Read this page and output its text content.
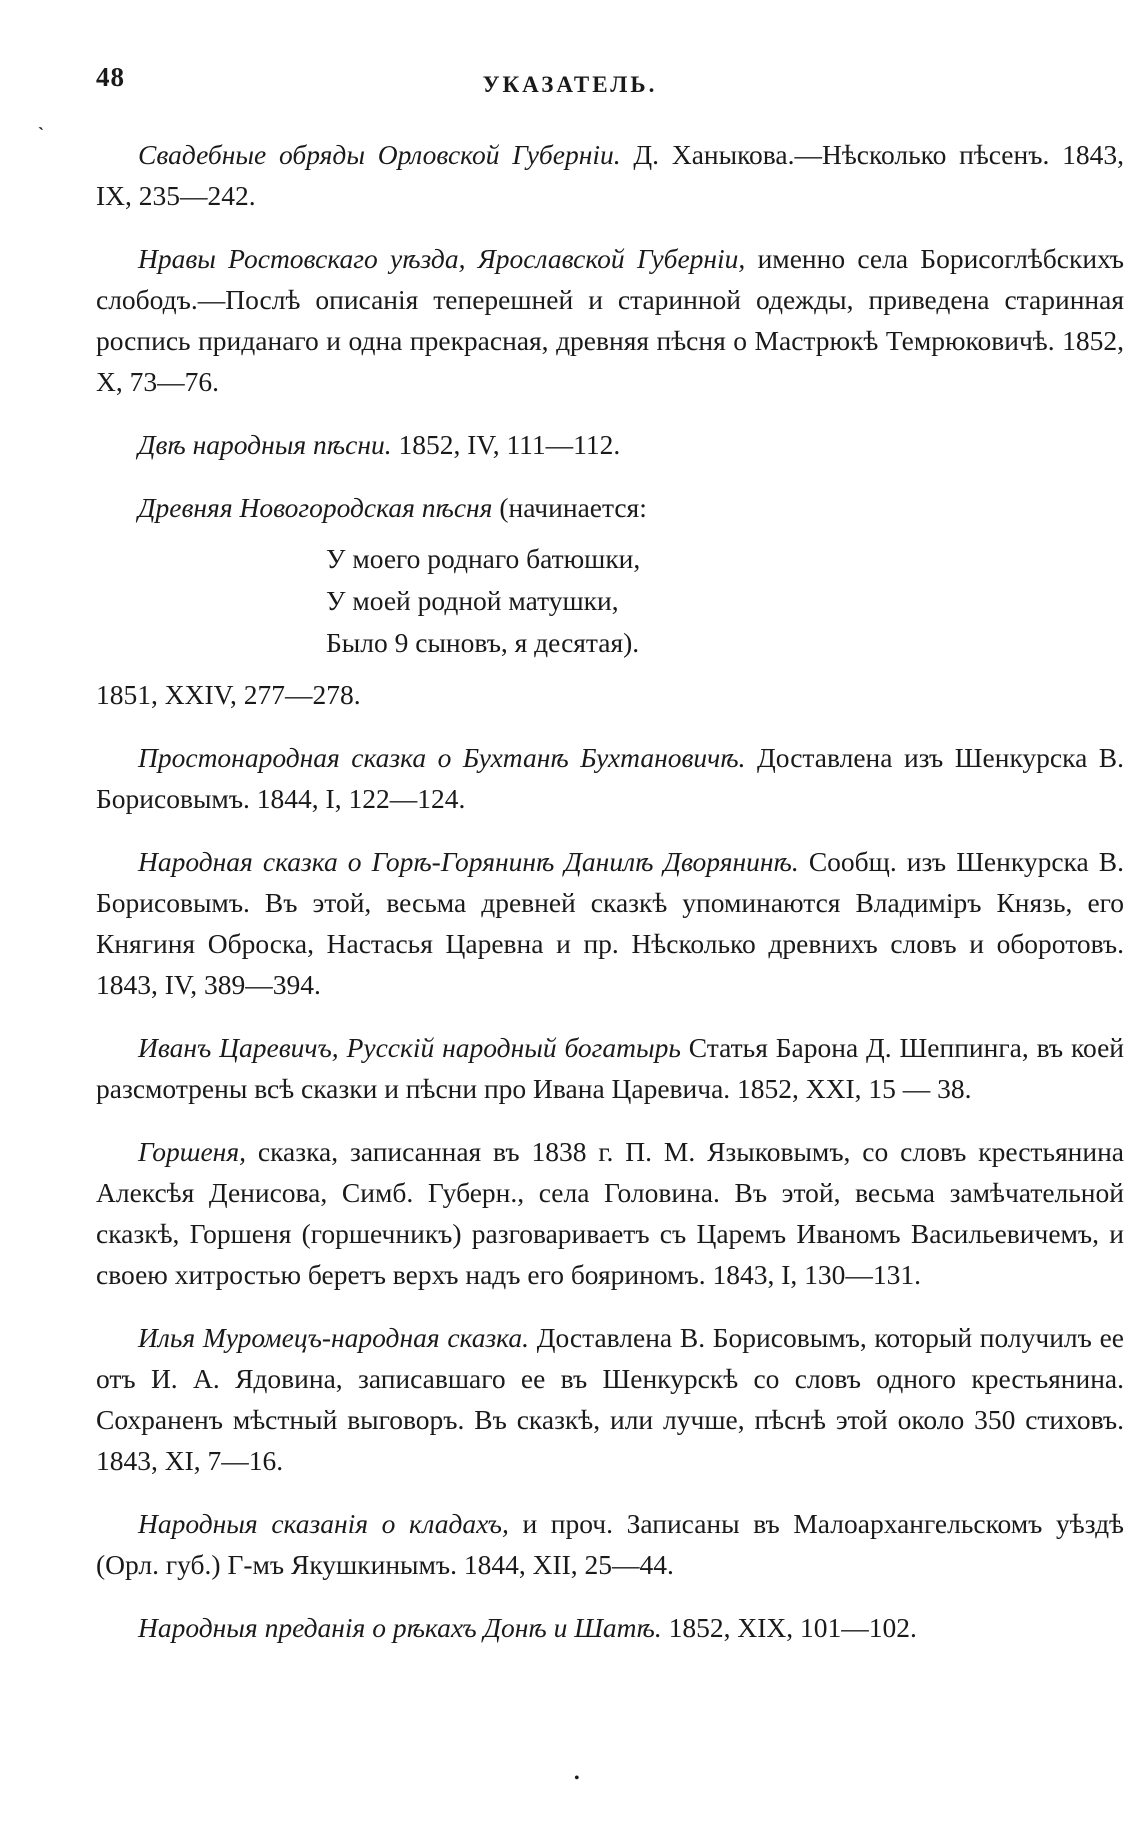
48	УКАЗАТЕЛЬ.
ˋ

Свадебные обряды Орловской Губерніи. Д. Ханыкова.—Нѣсколько пѣсенъ. 1843, IX, 235—242.

Нравы Ростовскаго уѣзда, Ярославской Губерніи, именно села Борисоглѣбскихъ слободъ.—Послѣ описанія теперешней и старинной одежды, приведена старинная роспись приданаго и одна прекрасная, древняя пѣсня о Мастрюкѣ Темрюковичѣ. 1852, X, 73—76.

Двѣ народныя пѣсни. 1852, IV, 111—112.

Древняя Новогородская пѣсня (начинается:

У моего роднаго батюшки,
У моей родной матушки,
Было 9 сыновъ, я десятая).

1851, XXIV, 277—278.

Простонародная сказка о Бухтанѣ Бухтановичѣ. Доставлена изъ Шенкурска В. Борисовымъ. 1844, I, 122—124.

Народная сказка о Горѣ-Горянинѣ Данилѣ Дворянинѣ. Сообщ. изъ Шенкурска В. Борисовымъ. Въ этой, весьма древней сказкѣ упоминаются Владиміръ Князь, его Княгиня Оброска, Настасья Царевна и пр. Нѣсколько древнихъ словъ и оборотовъ. 1843, IV, 389—394.

Иванъ Царевичъ, Русскій народный богатырь Статья Барона Д. Шеппинга, въ коей разсмотрены всѣ сказки и пѣсни про Ивана Царевича. 1852, XXI, 15 — 38.

Горшеня, сказка, записанная въ 1838 г. П. М. Языковымъ, со словъ крестьянина Алексѣя Денисова, Симб. Губерн., села Головина. Въ этой, весьма замѣчательной сказкѣ, Горшеня (горшечникъ) разговариваетъ съ Царемъ Иваномъ Васильевичемъ, и своею хитростью беретъ верхъ надъ его бояриномъ. 1843, I, 130—131.

Илья Муромецъ-народная сказка. Доставлена В. Борисовымъ, который получилъ ее отъ И. А. Ядовина, записавшаго ее въ Шенкурскѣ со словъ одного крестьянина. Сохраненъ мѣстный выговоръ. Въ сказкѣ, или лучше, пѣснѣ этой около 350 стиховъ. 1843, XI, 7—16.

Народныя сказанія о кладахъ, и проч. Записаны въ Малоархангельскомъ уѣздѣ (Орл. губ.) Г-мъ Якушкинымъ. 1844, XII, 25—44.

Народныя преданія о рѣкахъ Донѣ и Шатѣ. 1852, XIX, 101—102.

•
